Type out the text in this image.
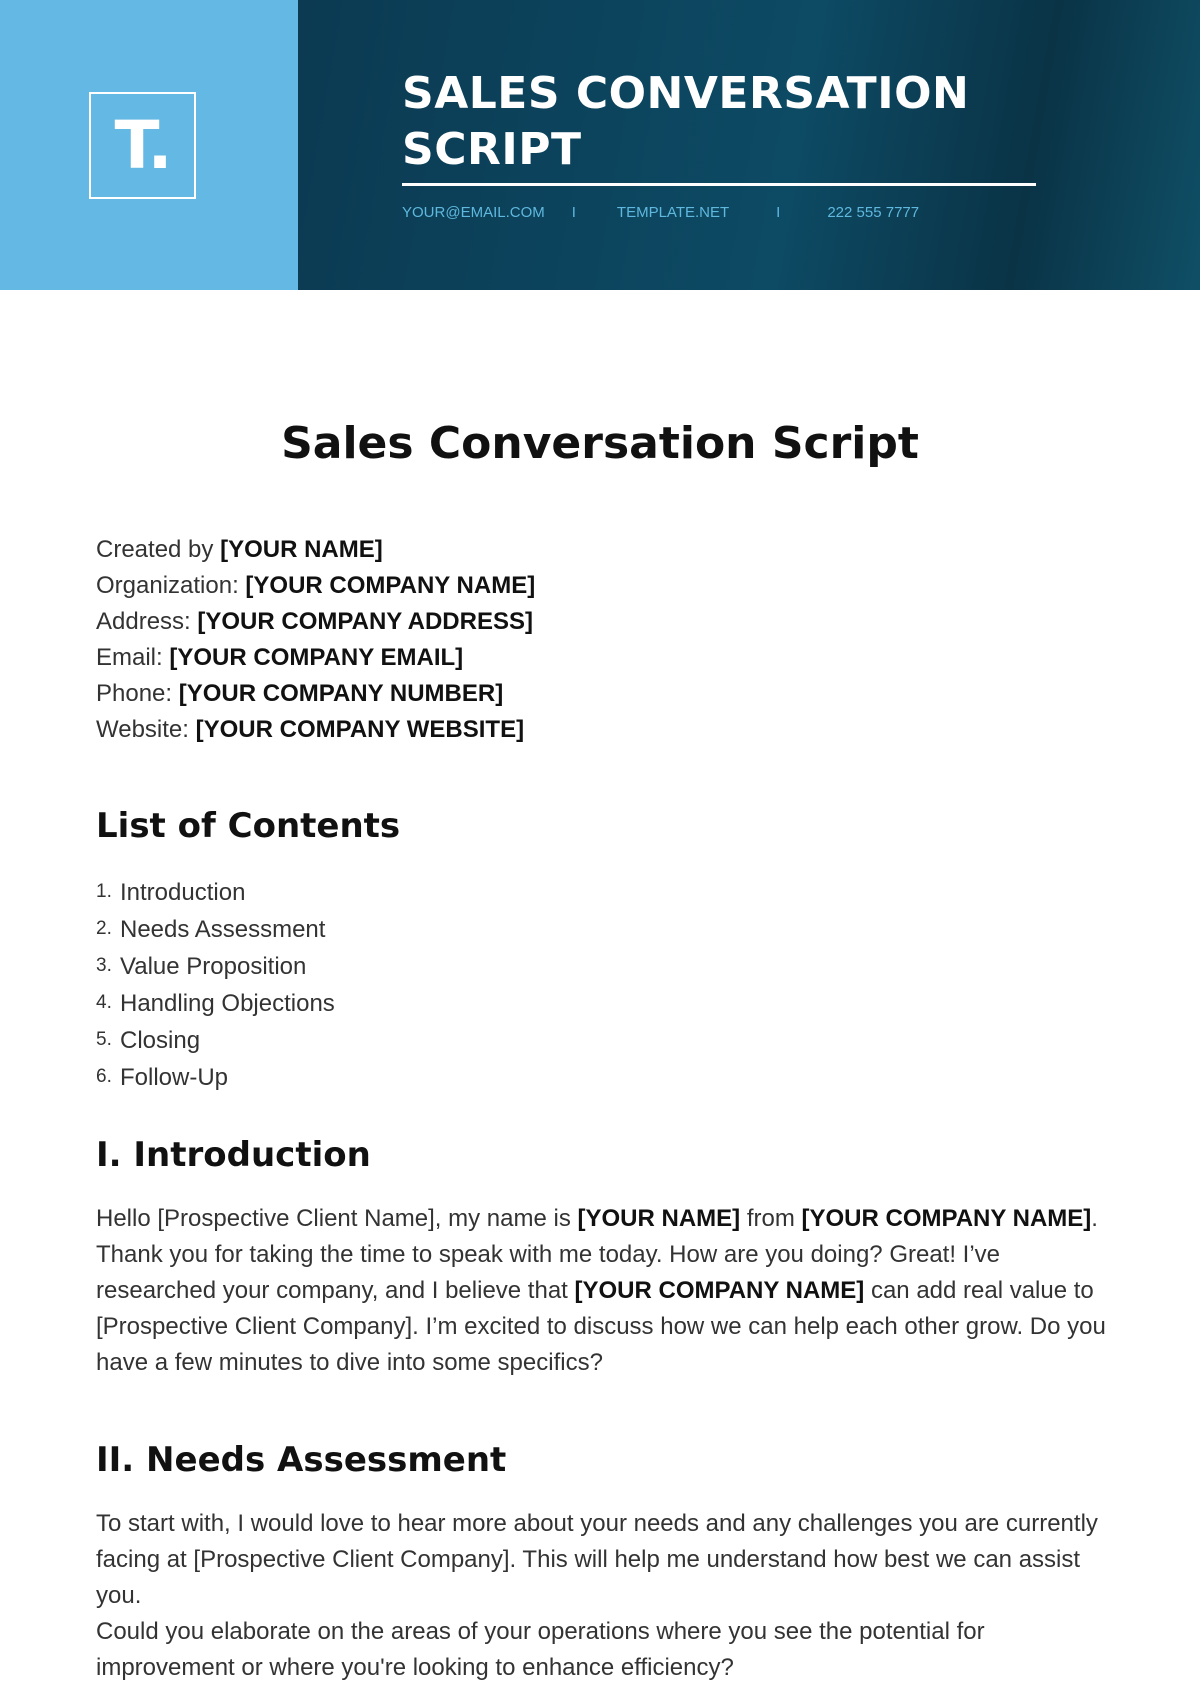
T.
SALES CONVERSATION SCRIPT
YOUR@EMAIL.COM I	TEMPLATE.NET	I	222 555 7777
Sales Conversation Script
Created by [YOUR NAME]
Organization: [YOUR COMPANY NAME]
Address: [YOUR COMPANY ADDRESS]
Email: [YOUR COMPANY EMAIL]
Phone: [YOUR COMPANY NUMBER]
Website: [YOUR COMPANY WEBSITE]
List of Contents
1. Introduction
2. Needs Assessment
3. Value Proposition
4. Handling Objections
5. Closing
6. Follow-Up
I. Introduction

Hello [Prospective Client Name], my name is [YOUR NAME] from [YOUR COMPANY NAME]. Thank you for taking the time to speak with me today. How are you doing? Great! I’ve researched your company, and I believe that [YOUR COMPANY NAME] can add real value to [Prospective Client Company]. I’m excited to discuss how we can help each other grow. Do you have a few minutes to dive into some specifics?

II. Needs Assessment

To start with, I would love to hear more about your needs and any challenges you are currently facing at [Prospective Client Company]. This will help me understand how best we can assist you.

Could you elaborate on the areas of your operations where you see the potential for improvement or where you're looking to enhance efficiency?
